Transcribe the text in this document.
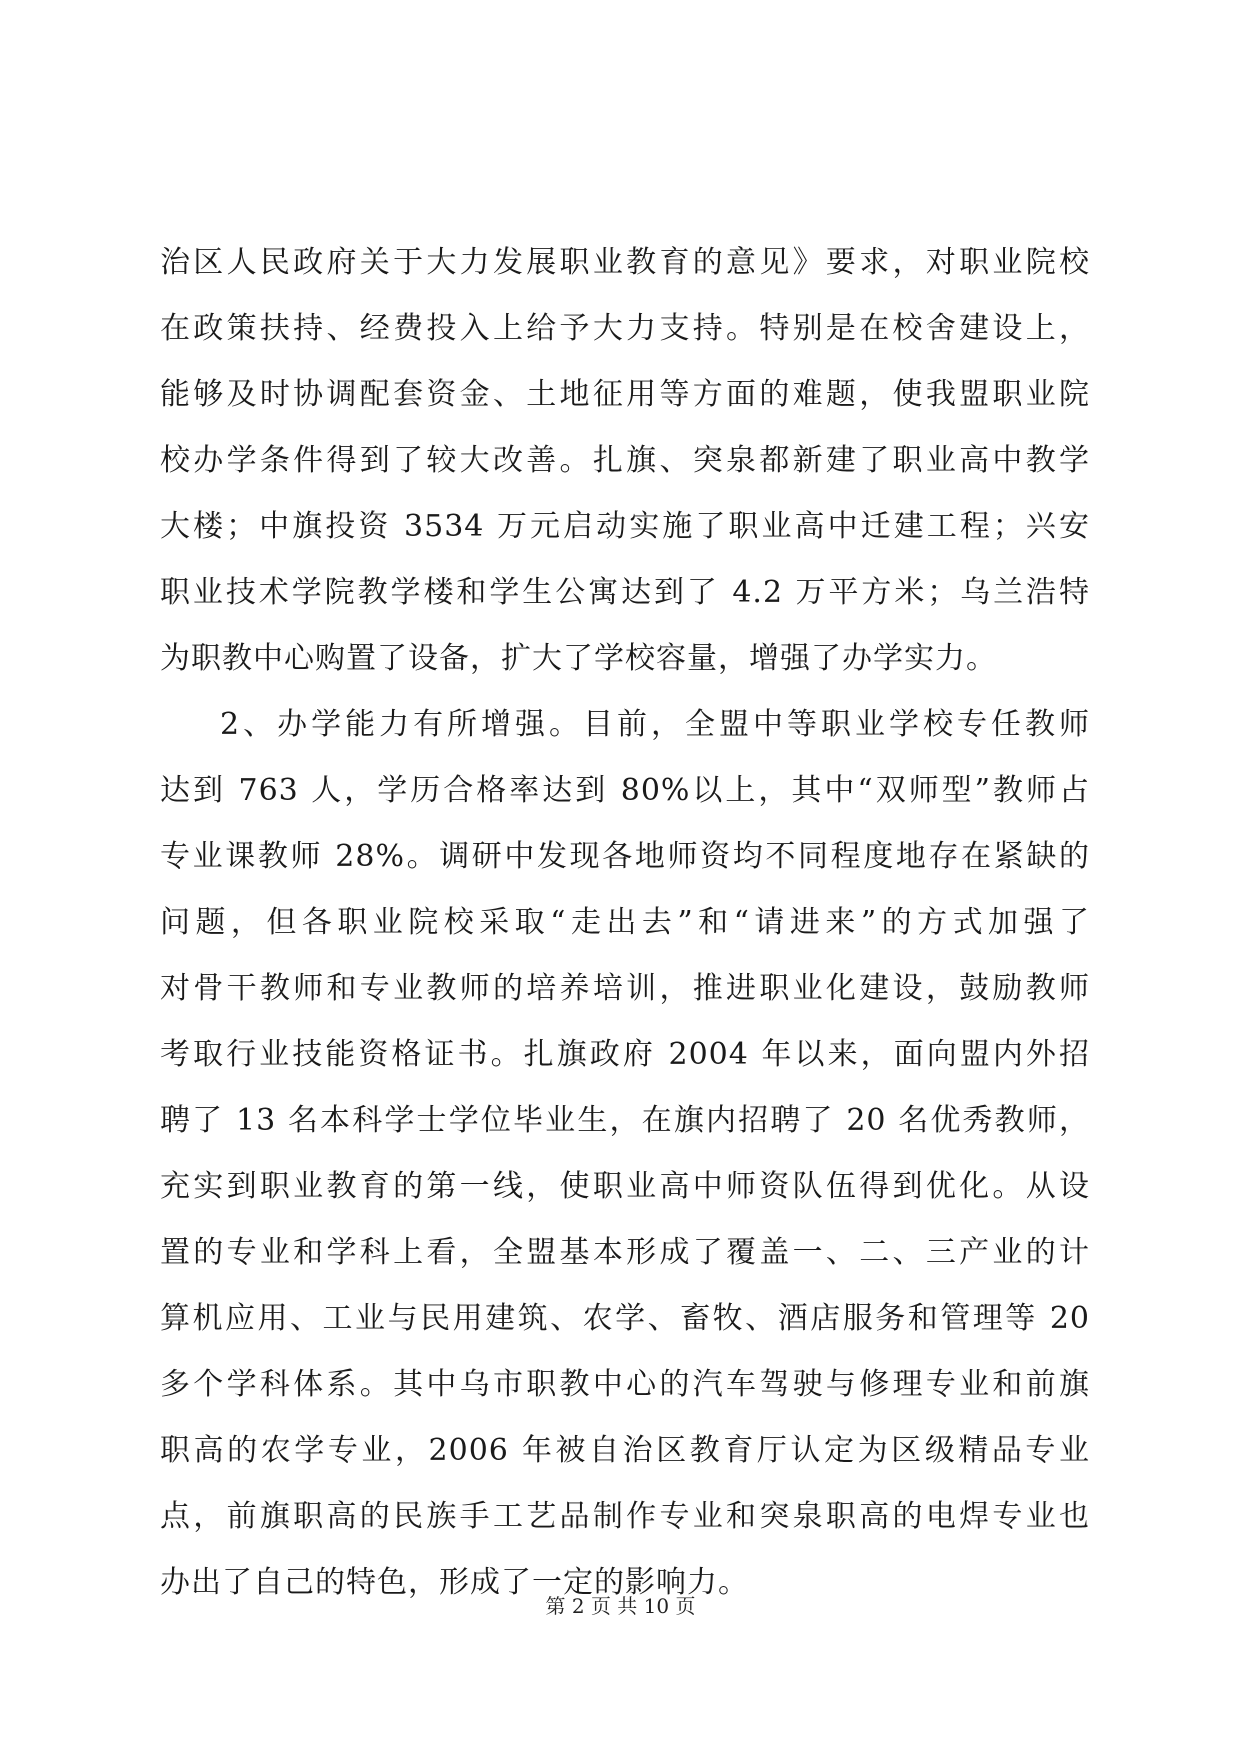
治区人民政府关于大力发展职业教育的意见》要求，对职业院校
在政策扶持、经费投入上给予大力支持。特别是在校舍建设上，
能够及时协调配套资金、土地征用等方面的难题，使我盟职业院
校办学条件得到了较大改善。扎旗、突泉都新建了职业高中教学
大楼；中旗投资 3534 万元启动实施了职业高中迁建工程；兴安
职业技术学院教学楼和学生公寓达到了 4.2 万平方米；乌兰浩特
为职教中心购置了设备，扩大了学校容量，增强了办学实力。
2、办学能力有所增强。目前，全盟中等职业学校专任教师
达到 763 人，学历合格率达到 80%以上，其中“双师型”教师占
专业课教师 28%。调研中发现各地师资均不同程度地存在紧缺的
问题，但各职业院校采取“走出去”和“请进来”的方式加强了
对骨干教师和专业教师的培养培训，推进职业化建设，鼓励教师
考取行业技能资格证书。扎旗政府 2004 年以来，面向盟内外招
聘了 13 名本科学士学位毕业生，在旗内招聘了 20 名优秀教师，
充实到职业教育的第一线，使职业高中师资队伍得到优化。从设
置的专业和学科上看，全盟基本形成了覆盖一、二、三产业的计
算机应用、工业与民用建筑、农学、畜牧、酒店服务和管理等 20
多个学科体系。其中乌市职教中心的汽车驾驶与修理专业和前旗
职高的农学专业，2006 年被自治区教育厅认定为区级精品专业
点，前旗职高的民族手工艺品制作专业和突泉职高的电焊专业也
办出了自己的特色，形成了一定的影响力。
第 2 页 共 10 页
